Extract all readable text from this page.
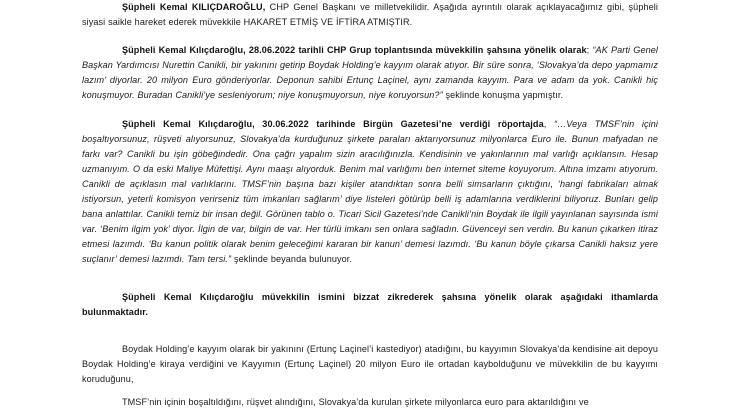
Şüpheli Kemal KILIÇDAROĞLU, CHP Genel Başkanı ve milletvekilidir. Aşağıda ayrıntılı olarak açıklayacağımız gibi, şüpheli siyasi saikle hareket ederek müvekkile HAKARET ETMİŞ VE İFTİRA ATMIŞTIR.

Şüpheli Kemal Kılıçdaroğlu, 28.06.2022 tarihli CHP Grup toplantısında müvekkilin şahsına yönelik olarak; “AK Parti Genel Başkan Yardımcısı Nurettin Canikli, bir yakınını getirip Boydak Holding’e kayyım olarak atıyor. Bir süre sonra, ‘Slovakya’da depo yapmamız lazım’ diyorlar. 20 milyon Euro gönderiyorlar. Deponun sahibi Ertunç Laçinel, aynı zamanda kayyım. Para ve adam da yok. Canikli hiç konuşmuyor. Buradan Canikli’ye sesleniyorum; niye konuşmuyorsun, niye koruyorsun?” şeklinde konuşma yapmıştır.

Şüpheli Kemal Kılıçdaroğlu, 30.06.2022 tarihinde Birgün Gazetesi’ne verdiği röportajda, “…Veya TMSF’nin içini boşaltıyorsunuz, rüşveti alıyorsunuz, Slovakya’da kurduğunuz şirkete paraları aktarıyorsunuz milyonlarca Euro ile. Bunun mafyadan ne farkı var? Canikli bu işin göbeğindedir. Ona çağrı yapalım sizin aracılığınızla. Kendisinin ve yakınlarının mal varlığı açıklansın. Hesap uzmanıyım. O da eski Maliye Müfettişi. Aynı maaşı alıyorduk. Benim mal varlığımı ben internet siteme koyuyorum. Altına imzamı atıyorum. Canikli de açıklasın mal varlıklarını. TMSF’nin başına bazı kişiler atandıktan sonra belli simsarların çıktığını, ‘hangi fabrikaları almak istiyorsun, yeterli komisyon verirseniz tüm imkanları sağlarım’ diye listeleri götürüp belli iş adamlarına verdiklerini biliyoruz. Bunları gelip bana anlattılar. Canikli temiz bir insan değil. Görünen tablo o. Ticari Sicil Gazetesi’nde Canikli’nin Boydak ile ilgili yayınlanan sayısında ismi var. ‘Benim ilgim yok’ diyor. İlgin de var, bilgin de var. Her türlü imkanı sen onlara sağladın. Güvenceyi sen verdin. Bu kanun çıkarken itiraz etmesi lazımdı. ‘Bu kanun politik olarak benim geleceğimi kararan bir kanun’ demesi lazımdı. ‘Bu kanun böyle çıkarsa Canikli haksız yere suçlanır’ demesi lazımdı. Tam tersi.” şeklinde beyanda bulunuyor.

Şüpheli Kemal Kılıçdaroğlu müvekkilin ismini bizzat zikrederek şahsına yönelik olarak aşağıdaki ithamlarda bulunmaktadır.

Boydak Holding’e kayyım olarak bir yakınını (Ertunç Laçinel’i kastediyor) atadığını, bu kayyımın Slovakya’da kendisine ait depoyu Boydak Holding’e kiraya verdiğini ve Kayyımın (Ertunç Laçinel) 20 milyon Euro ile ortadan kaybolduğunu ve müvekkilin de bu kayyımı koruduğunu,

TMSF’nin içinin boşaltıldığını, rüşvet alındığını, Slovakya’da kurulan şirkete milyonlarca euro para aktarıldığını ve
